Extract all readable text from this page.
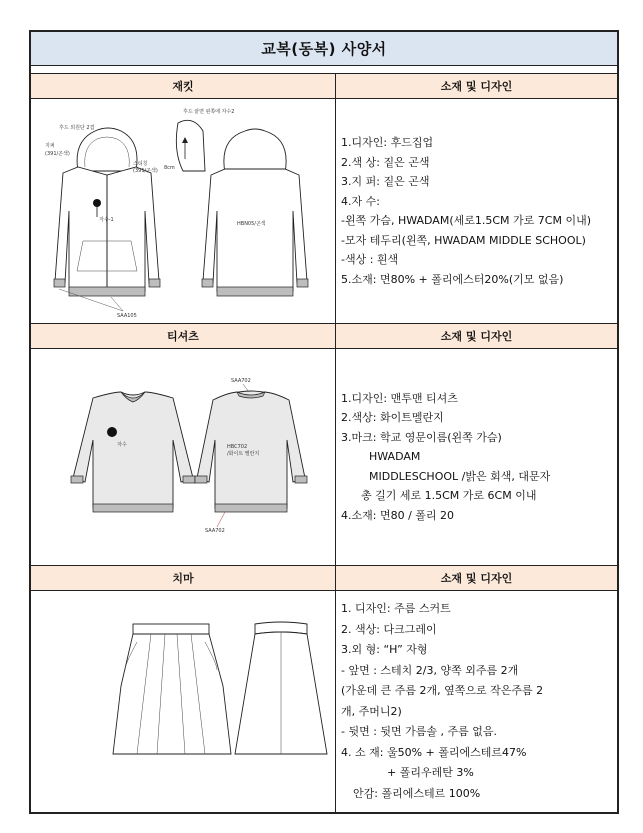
교복(동복) 사양서
재킷	소재 및 디자인
지퍼
(391/곤색)
후드 외원단 2겹
스티칭
(391/곤색)
자수-1
SAA105
후드 끝면 왼쪽에 자수2
8cm
HBN05/곤색
1.디자인: 후드집업
2.색 상: 짙은 곤색
3.지 퍼: 짙은 곤색
4.자 수:
-왼쪽 가슴, HWADAM(세로1.5CM 가로 7CM 이내)
-모자 테두리(왼쪽, HWADAM MIDDLE SCHOOL)
-색상 : 흰색
5.소재: 면80% + 폴리에스터20%(기모 없음)
티셔츠	소재 및 디자인
자수
SAA702
HBC702
/화이트 멜란지
SAA702
1.디자인: 맨투맨 티셔츠
2.색상: 화이트멜란지
3.마크: 학교 영문이름(왼쪽 가슴)
HWADAM
MIDDLESCHOOL /밝은 회색, 대문자
총 길기 세로 1.5CM 가로 6CM 이내
4.소재: 면80 / 폴리 20
치마	소재 및 디자인
1. 디자인: 주름 스커트
2. 색상: 다크그레이
3.외 형: “H” 자형
- 앞면 : 스테치 2/3, 양쪽 외주름 2개
(가운데 큰 주름 2개, 옆쪽으로 작은주름 2
개, 주머니2)
- 뒷면 : 뒷면 가름솔 , 주름 없음.
4. 소 재: 울50% + 폴리에스테르47%
+ 폴리우레탄 3%
안감: 폴리에스테르 100%
